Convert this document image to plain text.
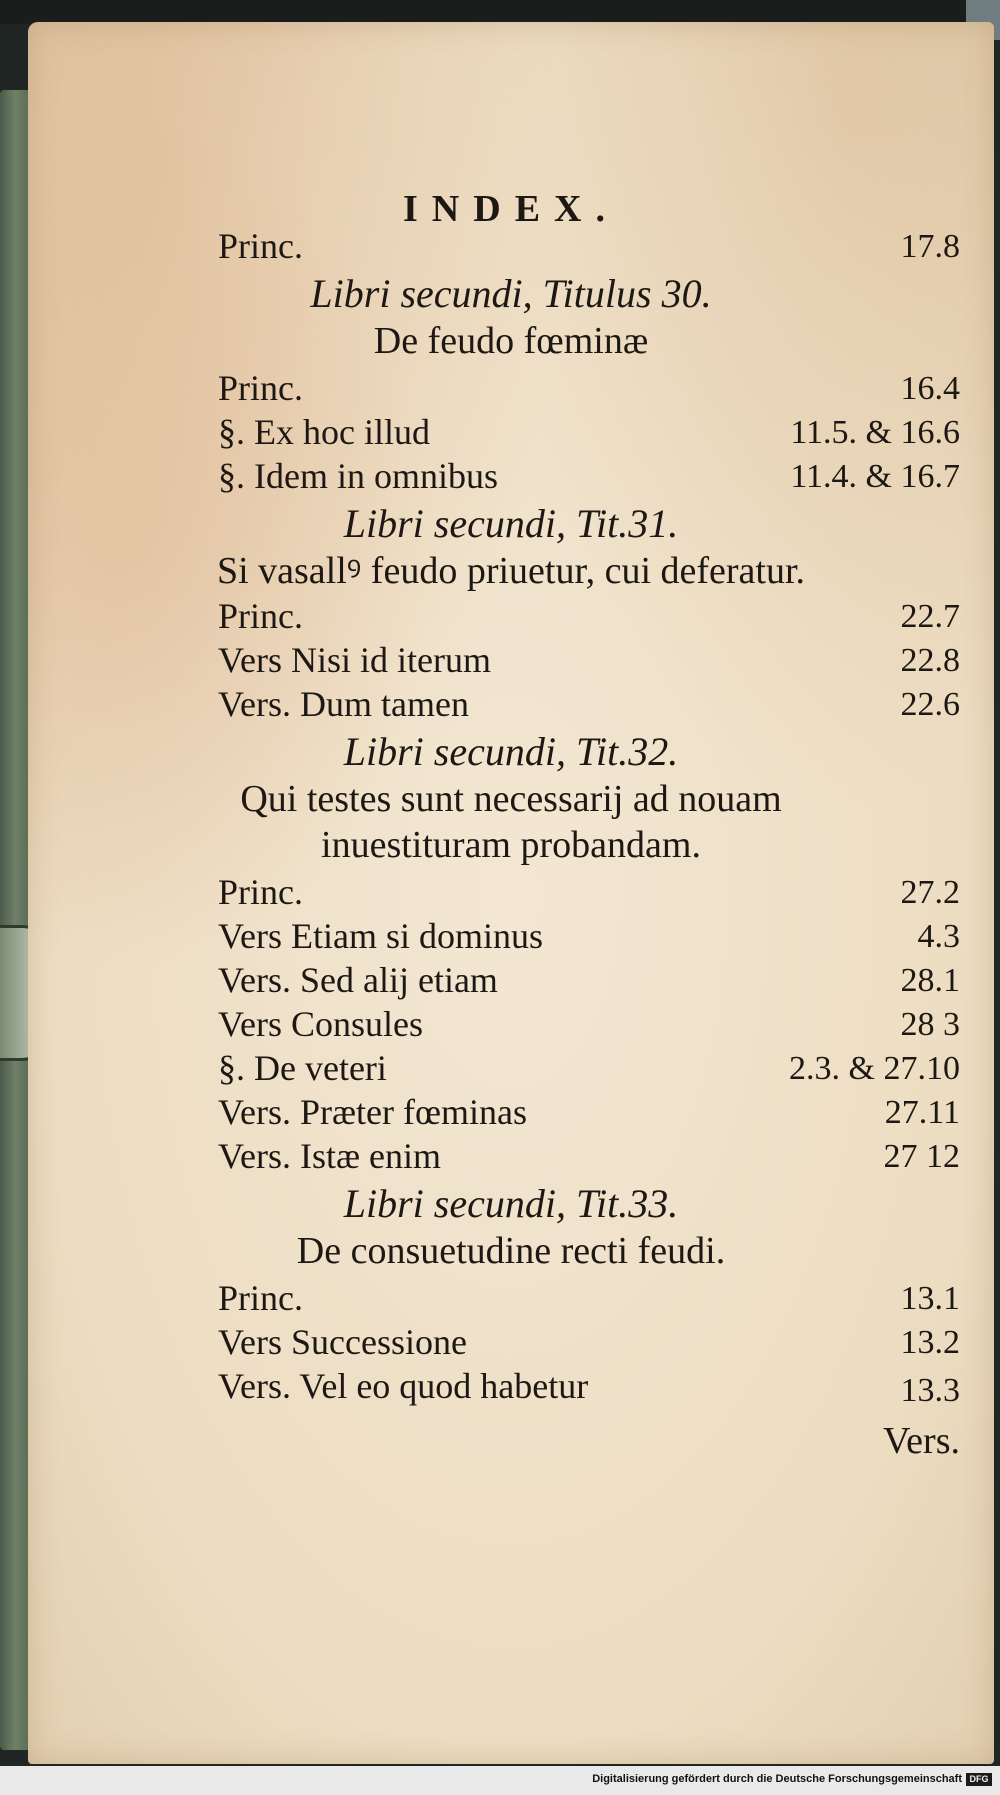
INDEX.
Princ.	17.8
Libri secundi, Titulus 30.
De feudo fœminæ
Princ.	16.4
§. Ex hoc illud	11.5. & 16.6
§. Idem in omnibus	11.4. & 16.7
Libri secundi, Tit.31.
Si vasallꝰ feudo priuetur, cui deferatur.
Princ.	22.7
Vers Nisi id iterum	22.8
Vers. Dum tamen	22.6
Libri secundi, Tit.32.
Qui testes sunt necessarij ad nouam
inuestituram probandam.
Princ.	27.2
Vers Etiam si dominus	4.3
Vers. Sed alij etiam	28.1
Vers Consules	28 3
§. De veteri	2.3. & 27.10
Vers. Præter fœminas	27.11
Vers. Istæ enim	27 12
Libri secundi, Tit.33.
De consuetudine recti feudi.
Princ.	13.1
Vers Successione	13.2
Vers. Vel eo quod habetur	13.3
Vers.
Digitalisierung gefördert durch die Deutsche Forschungsgemeinschaft DFG
